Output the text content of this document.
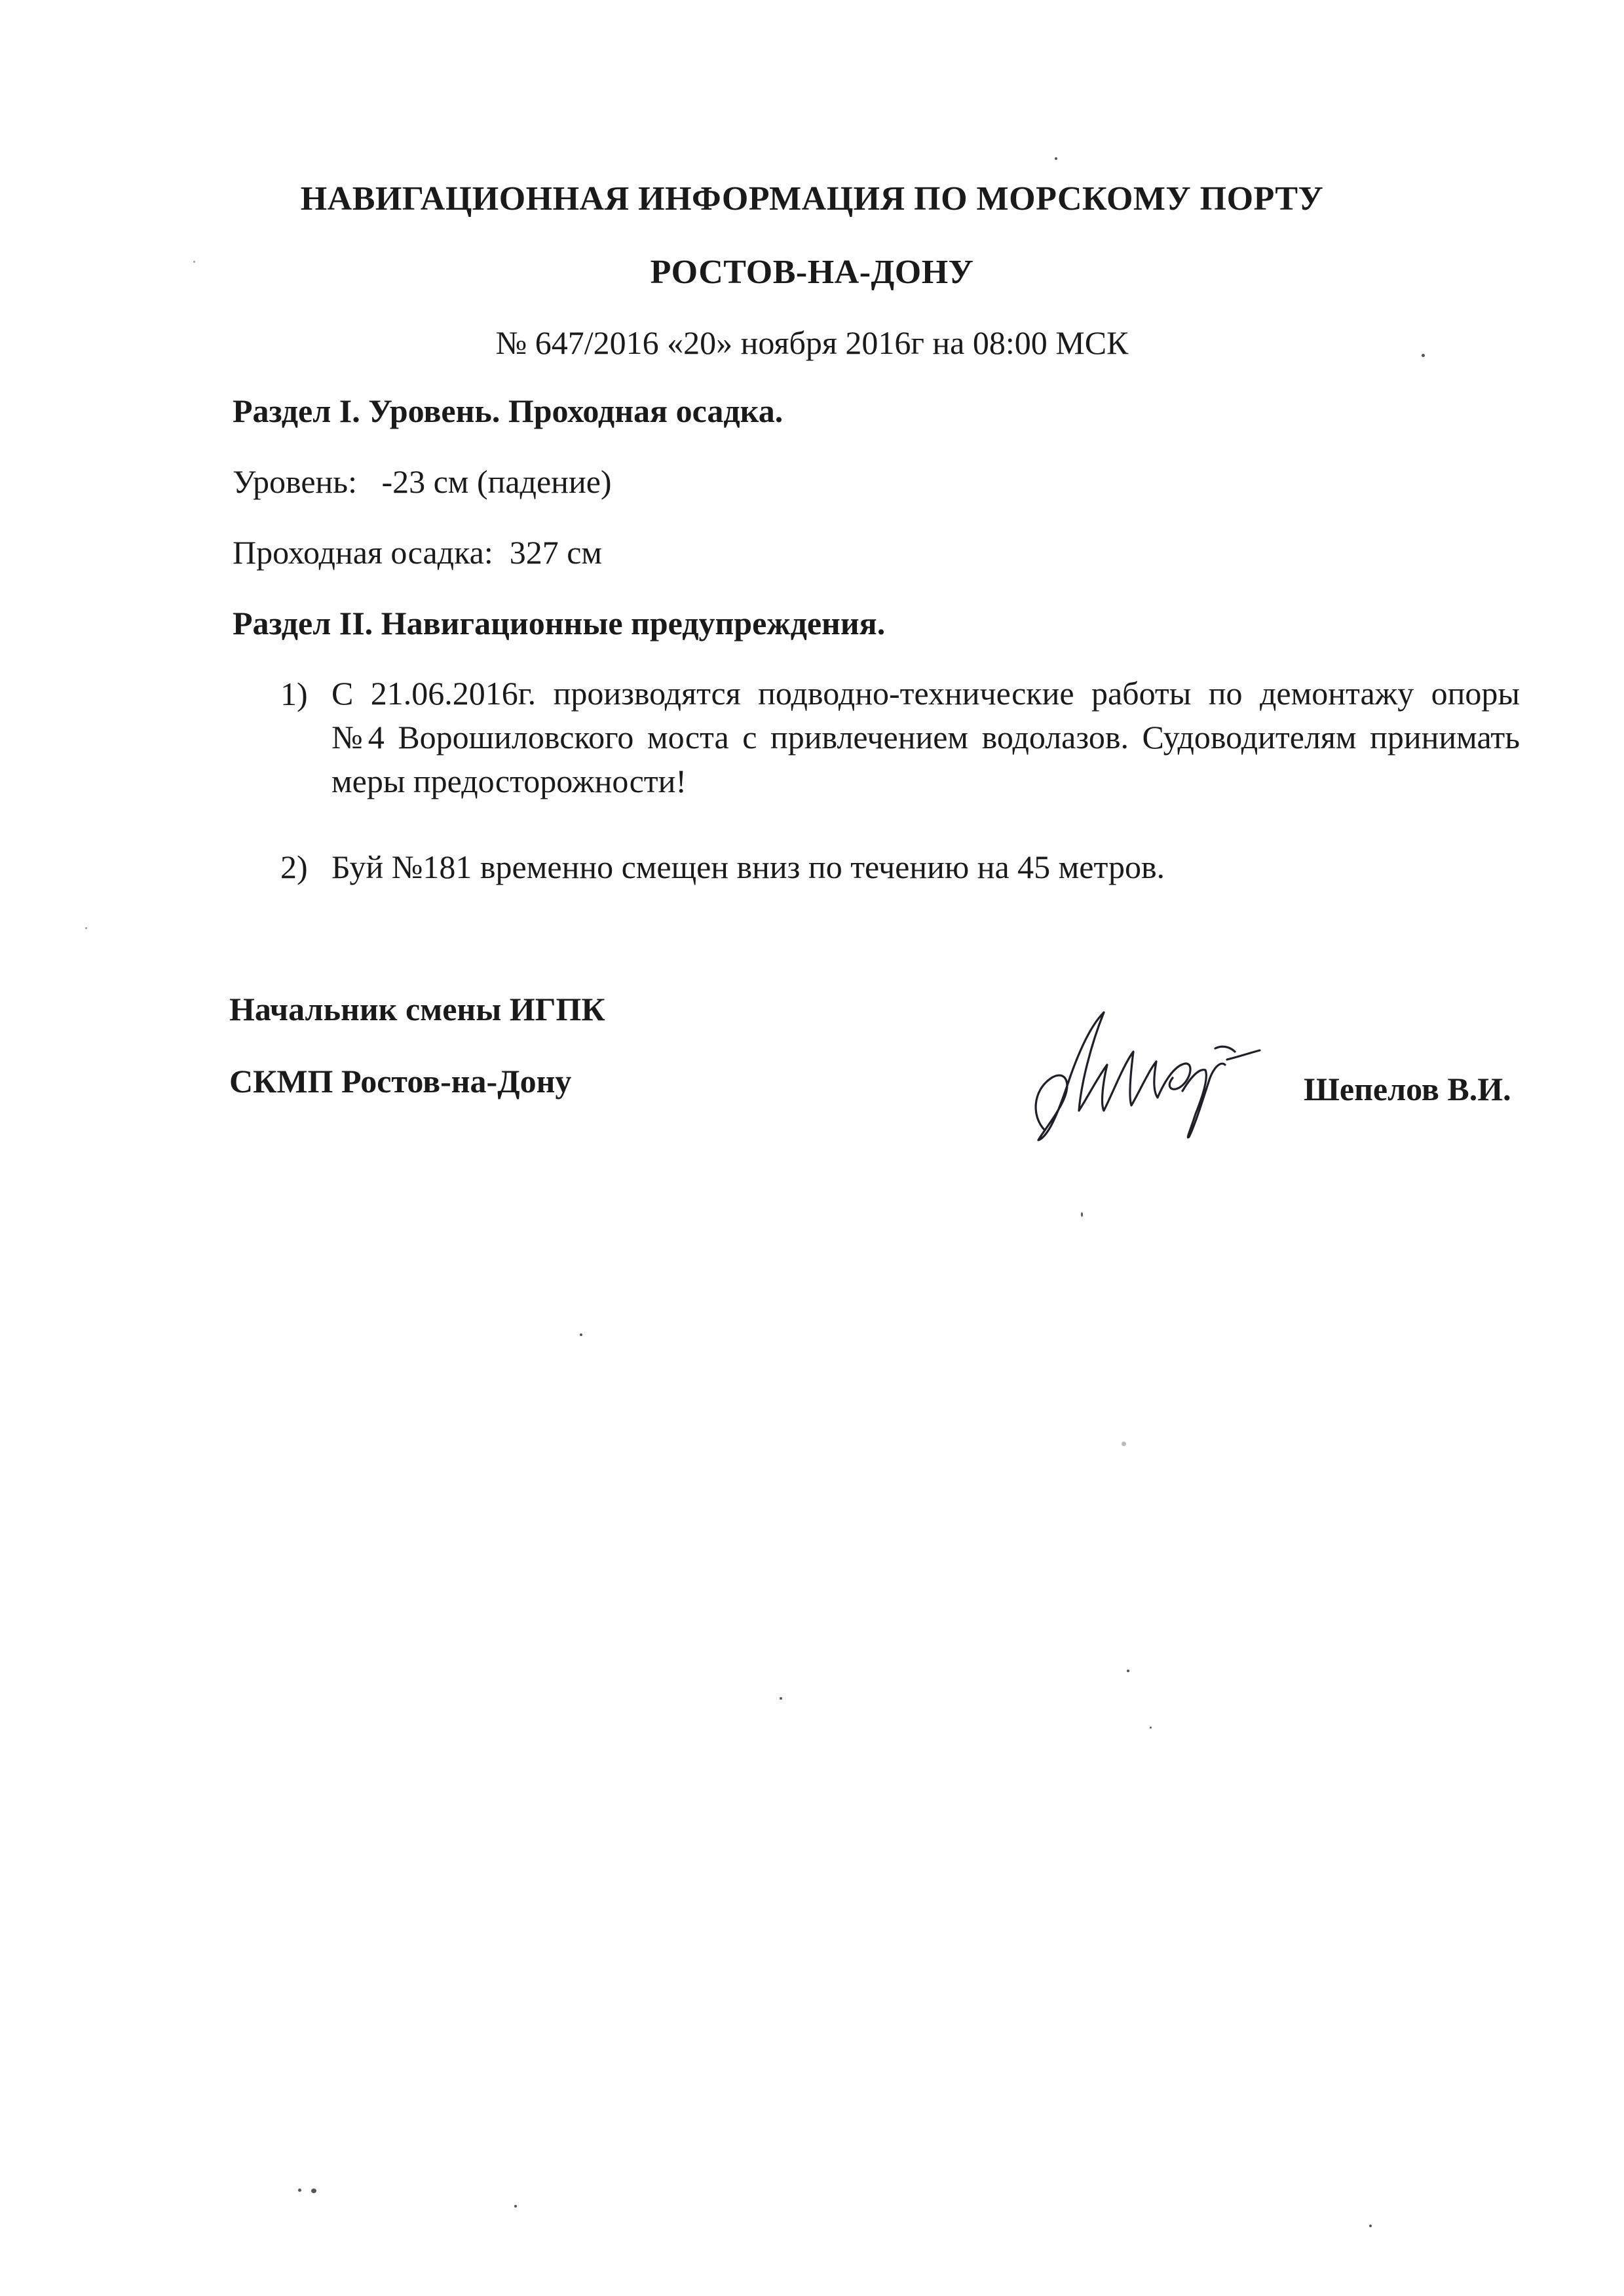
НАВИГАЦИОННАЯ ИНФОРМАЦИЯ ПО МОРСКОМУ ПОРТУ
РОСТОВ-НА-ДОНУ
№ 647/2016 «20» ноября 2016г на 08:00 МСК
Раздел I. Уровень. Проходная осадка.
Уровень: -23 см (падение)
Проходная осадка: 327 см
Раздел II. Навигационные предупреждения.
1) С 21.06.2016г. производятся подводно-технические работы по демонтажу опоры
№4 Ворошиловского моста с привлечением водолазов. Судоводителям принимать
меры предосторожности!
2) Буй №181 временно смещен вниз по течению на 45 метров.
Начальник смены ИГПК
СКМП Ростов-на-Дону	Шепелов В.И.
